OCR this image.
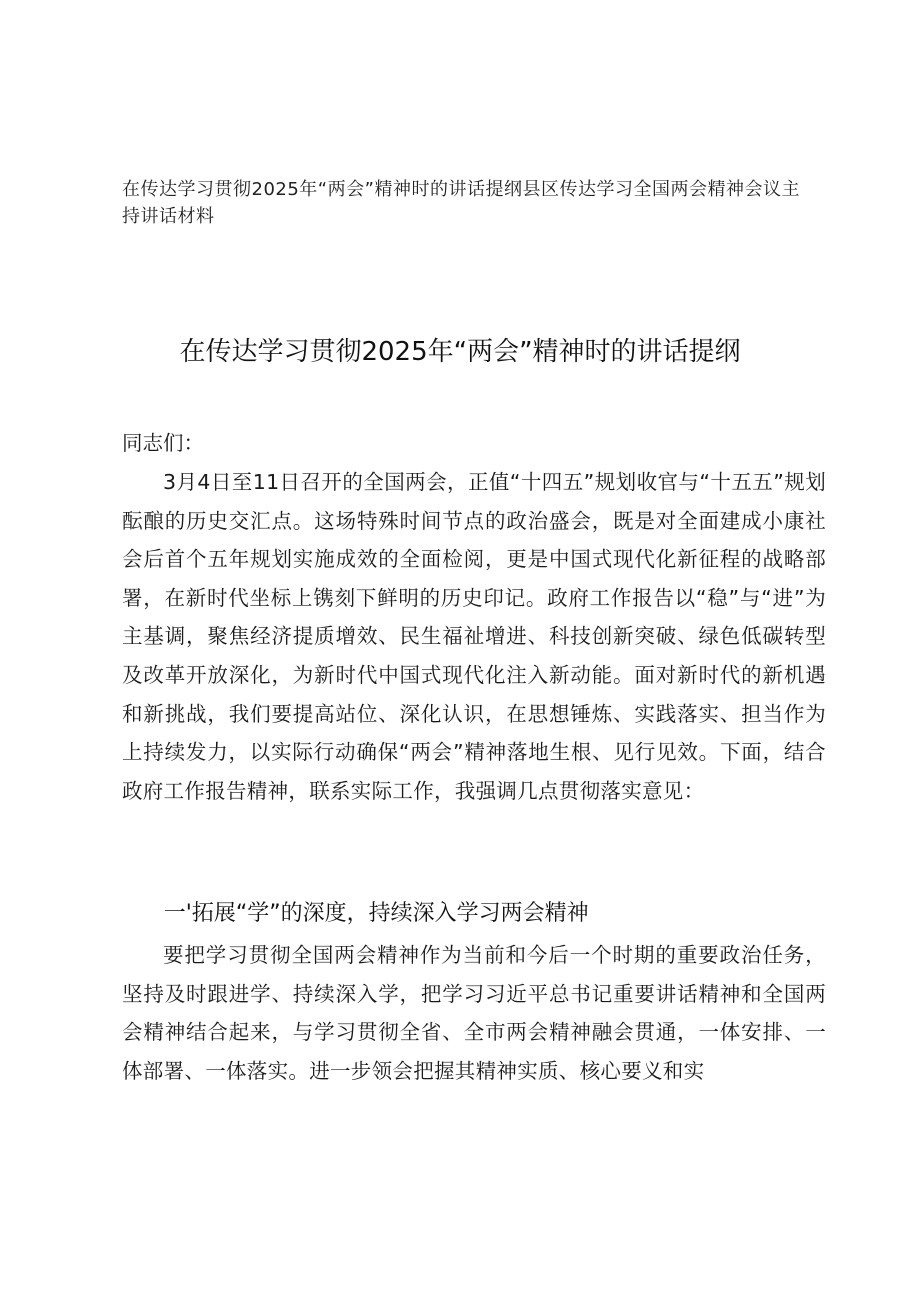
在传达学习贯彻2025年“两会”精神时的讲话提纲县区传达学习全国两会精神会议主持讲话材料
在传达学习贯彻2025年“两会”精神时的讲话提纲
同志们：

3月4日至11日召开的全国两会，正值“十四五”规划收官与“十五五”规划酝酿的历史交汇点。这场特殊时间节点的政治盛会，既是对全面建成小康社会后首个五年规划实施成效的全面检阅，更是中国式现代化新征程的战略部署，在新时代坐标上镌刻下鲜明的历史印记。政府工作报告以“稳”与“进”为主基调，聚焦经济提质增效、民生福祉增进、科技创新突破、绿色低碳转型及改革开放深化，为新时代中国式现代化注入新动能。面对新时代的新机遇和新挑战，我们要提高站位、深化认识，在思想锤炼、实践落实、担当作为上持续发力，以实际行动确保“两会”精神落地生根、见行见效。下面，结合政府工作报告精神，联系实际工作，我强调几点贯彻落实意见：

一'拓展“学”的深度，持续深入学习两会精神

要把学习贯彻全国两会精神作为当前和今后一个时期的重要政治任务，坚持及时跟进学、持续深入学，把学习习近平总书记重要讲话精神和全国两会精神结合起来，与学习贯彻全省、全市两会精神融会贯通，一体安排、一体部署、一体落实。进一步领会把握其精神实质、核心要义和实
